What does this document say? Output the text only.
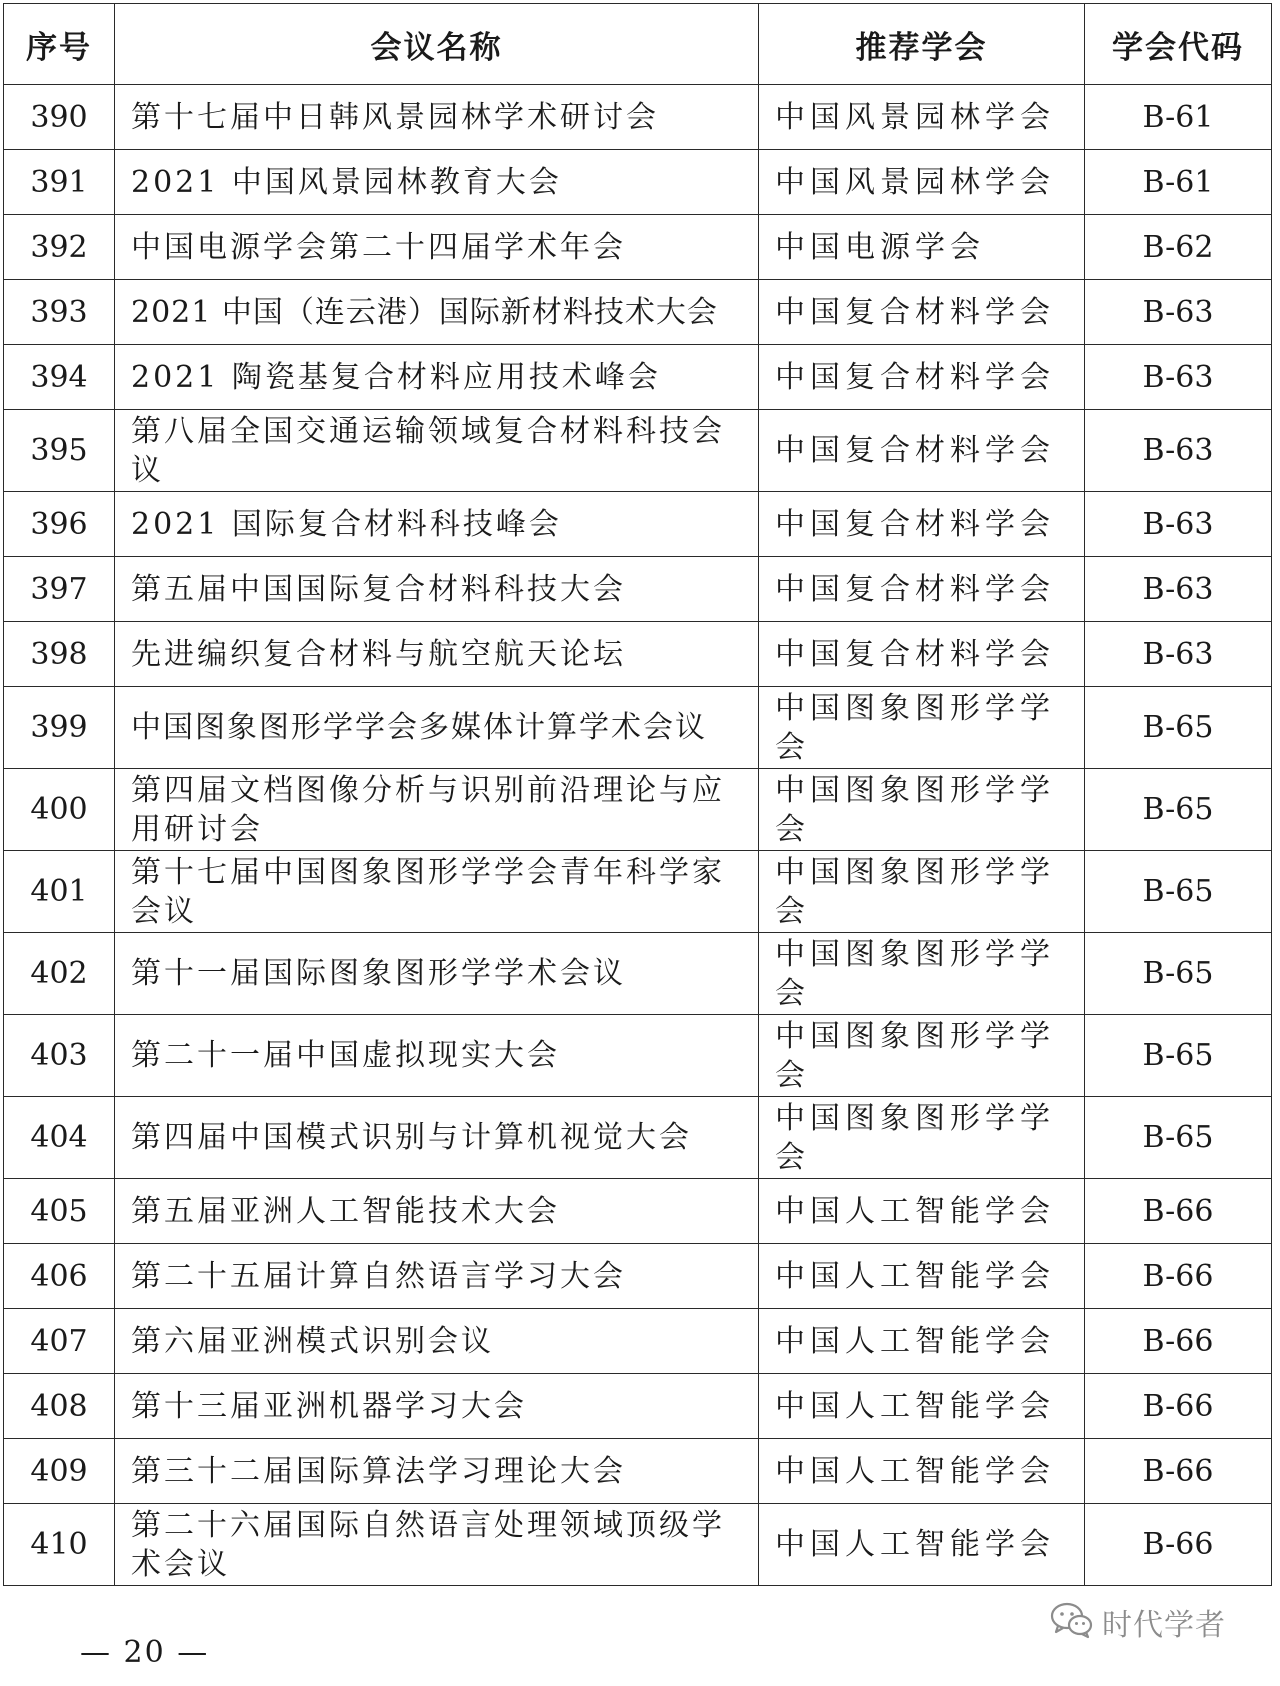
序号	会议名称	推荐学会	学会代码
390	第十七届中日韩风景园林学术研讨会	中国风景园林学会	B-61
391	2021 中国风景园林教育大会	中国风景园林学会	B-61
392	中国电源学会第二十四届学术年会	中国电源学会	B-62
393	2021 中国（连云港）国际新材料技术大会	中国复合材料学会	B-63
394	2021 陶瓷基复合材料应用技术峰会	中国复合材料学会	B-63
395	第八届全国交通运输领域复合材料科技会议	中国复合材料学会	B-63
396	2021 国际复合材料科技峰会	中国复合材料学会	B-63
397	第五届中国国际复合材料科技大会	中国复合材料学会	B-63
398	先进编织复合材料与航空航天论坛	中国复合材料学会	B-63
399	中国图象图形学学会多媒体计算学术会议	中国图象图形学学会	B-65
400	第四届文档图像分析与识别前沿理论与应用研讨会	中国图象图形学学会	B-65
401	第十七届中国图象图形学学会青年科学家会议	中国图象图形学学会	B-65
402	第十一届国际图象图形学学术会议	中国图象图形学学会	B-65
403	第二十一届中国虚拟现实大会	中国图象图形学学会	B-65
404	第四届中国模式识别与计算机视觉大会	中国图象图形学学会	B-65
405	第五届亚洲人工智能技术大会	中国人工智能学会	B-66
406	第二十五届计算自然语言学习大会	中国人工智能学会	B-66
407	第六届亚洲模式识别会议	中国人工智能学会	B-66
408	第十三届亚洲机器学习大会	中国人工智能学会	B-66
409	第三十二届国际算法学习理论大会	中国人工智能学会	B-66
410	第二十六届国际自然语言处理领域顶级学术会议	中国人工智能学会	B-66
— 20 —
时代学者
